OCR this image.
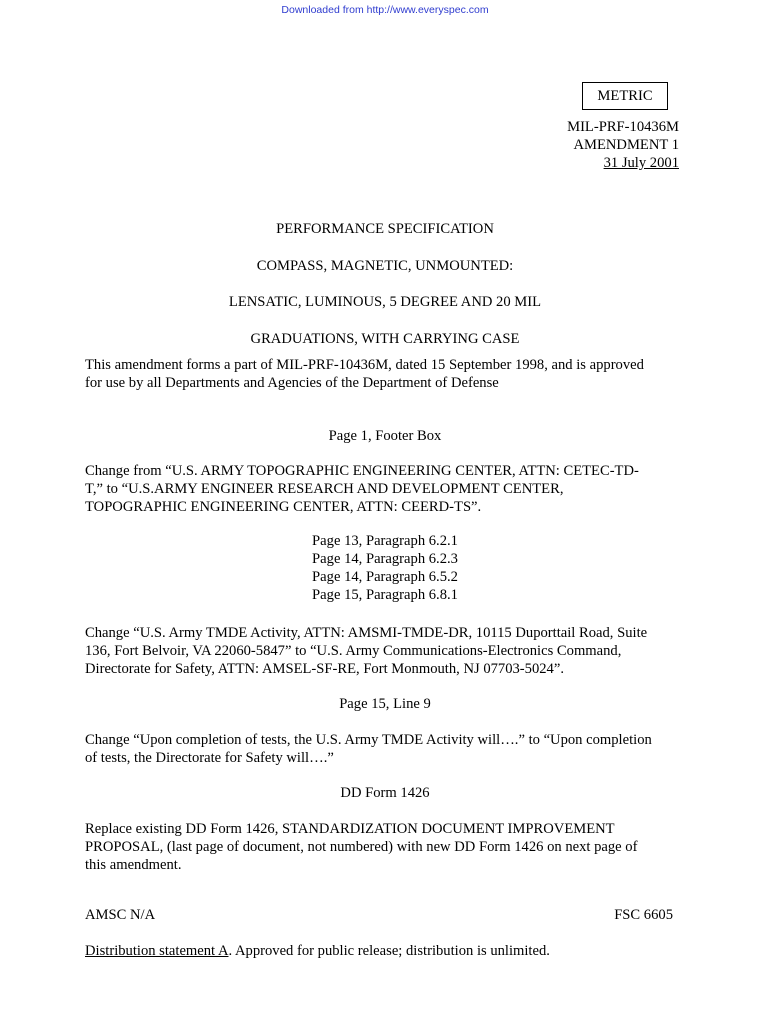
Downloaded from http://www.everyspec.com
METRIC
MIL-PRF-10436M
AMENDMENT 1
31 July 2001
PERFORMANCE SPECIFICATION
COMPASS, MAGNETIC, UNMOUNTED:
LENSATIC, LUMINOUS, 5 DEGREE AND 20 MIL
GRADUATIONS, WITH CARRYING CASE
This amendment forms a part of MIL-PRF-10436M, dated 15 September 1998, and is approved
for use by all Departments and Agencies of the Department of Defense
Page 1, Footer Box
Change from “U.S. ARMY TOPOGRAPHIC ENGINEERING CENTER, ATTN: CETEC-TD-
T,” to “U.S.ARMY ENGINEER RESEARCH AND DEVELOPMENT CENTER,
TOPOGRAPHIC ENGINEERING CENTER, ATTN: CEERD-TS”.
Page 13, Paragraph 6.2.1
Page 14, Paragraph 6.2.3
Page 14, Paragraph 6.5.2
Page 15, Paragraph 6.8.1
Change “U.S. Army TMDE Activity, ATTN: AMSMI-TMDE-DR, 10115 Duporttail Road, Suite
136, Fort Belvoir, VA 22060-5847” to “U.S. Army Communications-Electronics Command,
Directorate for Safety, ATTN: AMSEL-SF-RE, Fort Monmouth, NJ 07703-5024”.
Page 15, Line 9
Change “Upon completion of tests, the U.S. Army TMDE Activity will….” to “Upon completion
of tests, the Directorate for Safety will….”
DD Form 1426
Replace existing DD Form 1426, STANDARDIZATION DOCUMENT IMPROVEMENT
PROPOSAL, (last page of document, not numbered) with new DD Form 1426 on next page of
this amendment.
AMSC N/A	FSC 6605
Distribution statement A. Approved for public release; distribution is unlimited.
